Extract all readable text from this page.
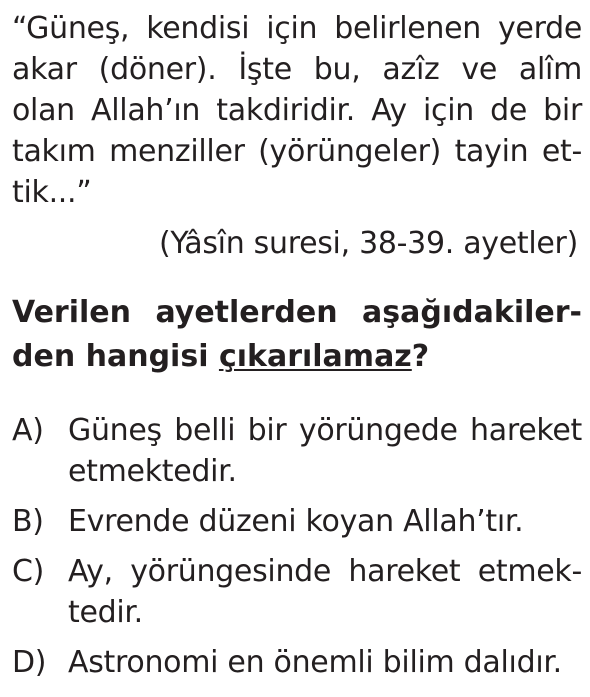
“Güneş, kendisi için belirlenen yerde
akar (döner). İşte bu, azîz ve alîm
olan Allah’ın takdiridir. Ay için de bir
takım menziller (yörüngeler) tayin et-
tik...”
(Yâsîn suresi, 38-39. ayetler)
Verilen ayetlerden aşağıdakiler-
den hangisi çıkarılamaz?
A) Güneş belli bir yörüngede hareket
etmektedir.
B) Evrende düzeni koyan Allah’tır.
C) Ay, yörüngesinde hareket etmek-
tedir.
D) Astronomi en önemli bilim dalıdır.
